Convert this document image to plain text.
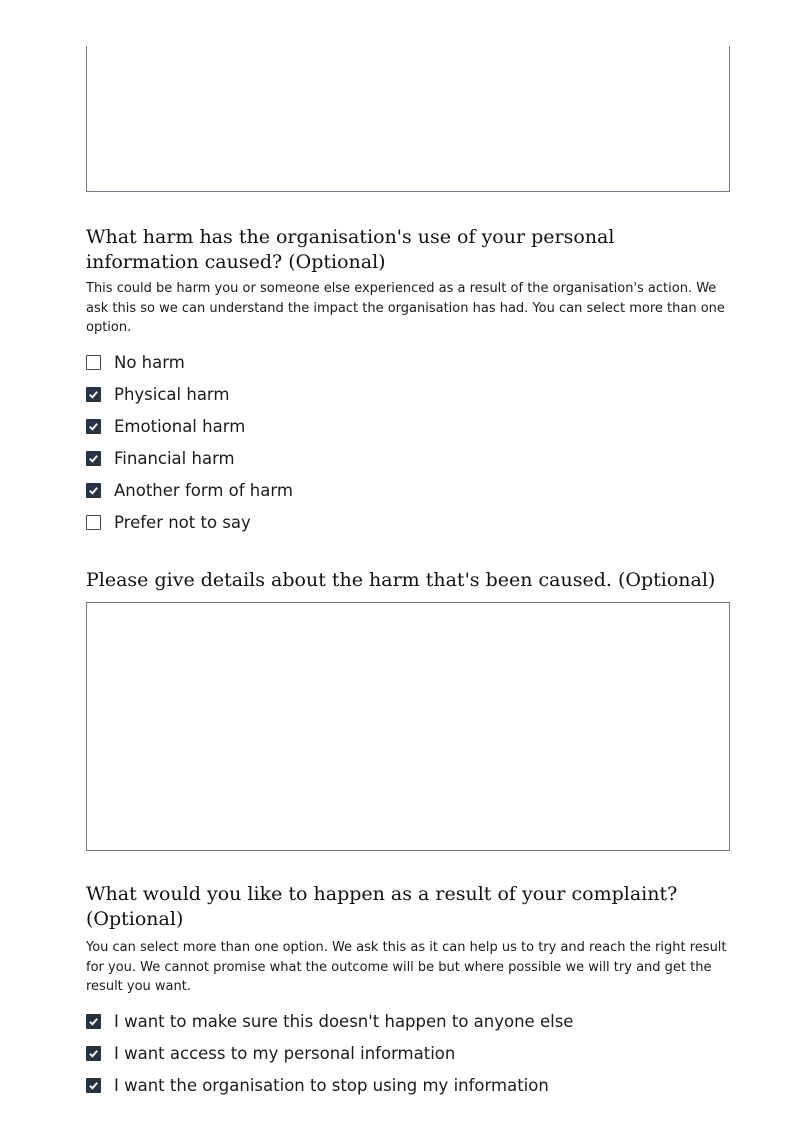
What harm has the organisation's use of your personal information caused? (Optional)

This could be harm you or someone else experienced as a result of the organisation's action. We ask this so we can understand the impact the organisation has had. You can select more than one option.

No harm
Physical harm
Emotional harm
Financial harm
Another form of harm
Prefer not to say
Please give details about the harm that's been caused. (Optional)
What would you like to happen as a result of your complaint? (Optional)

You can select more than one option. We ask this as it can help us to try and reach the right result for you. We cannot promise what the outcome will be but where possible we will try and get the result you want.

I want to make sure this doesn't happen to anyone else
I want access to my personal information
I want the organisation to stop using my information
